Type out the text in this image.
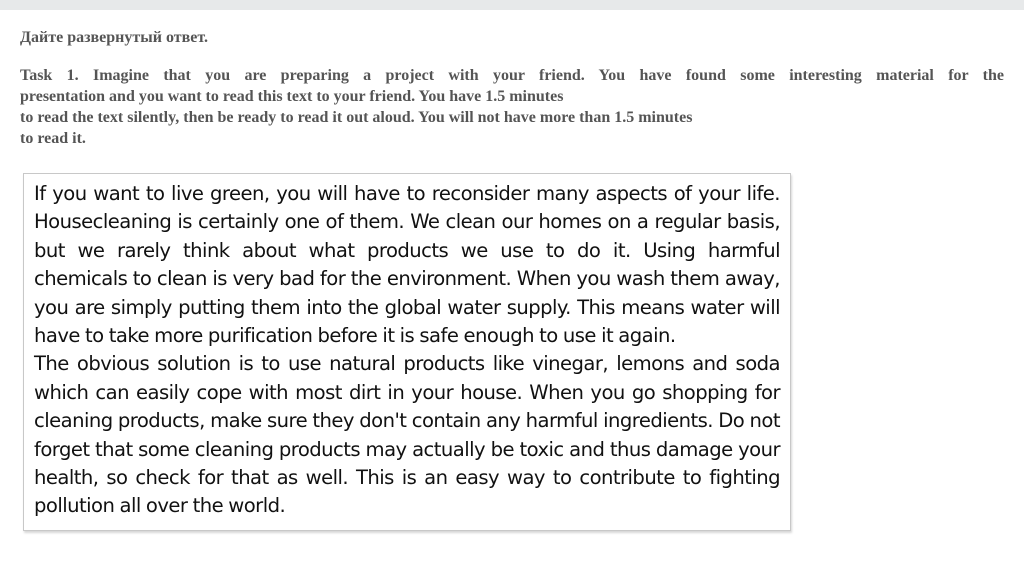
Дайте развернутый ответ.

Task 1. Imagine that you are preparing a project with your friend. You have found some interesting material for the

presentation and you want to read this text to your friend. You have 1.5 minutes

to read the text silently, then be ready to read it out aloud. You will not have more than 1.5 minutes

to read it.

If you want to live green, you will have to reconsider many aspects of your life. Housecleaning is certainly one of them. We clean our homes on a regular basis, but we rarely think about what products we use to do it. Using harmful chemicals to clean is very bad for the environment. When you wash them away, you are simply putting them into the global water supply. This means water will have to take more purification before it is safe enough to use it again.

The obvious solution is to use natural products like vinegar, lemons and soda which can easily cope with most dirt in your house. When you go shopping for cleaning products, make sure they don't contain any harmful ingredients. Do not forget that some cleaning products may actually be toxic and thus damage your health, so check for that as well. This is an easy way to contribute to fighting pollution all over the world.
